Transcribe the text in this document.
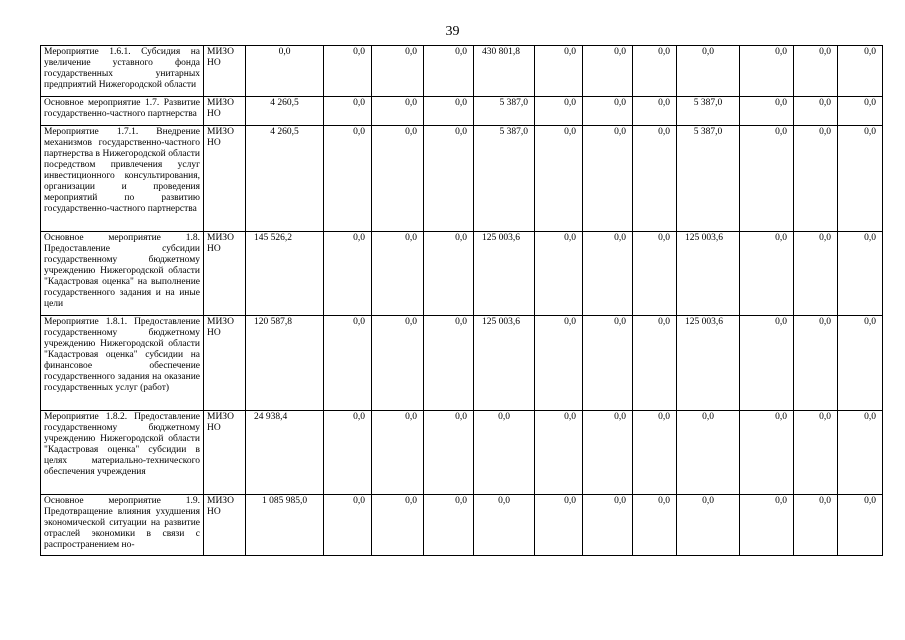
39
Мероприятие 1.6.1. Субсидия на увеличение уставного фонда государственных унитарных предприятий Нижегородской области	МИЗО НО	0,0	0,0	0,0	0,0	430 801,8	0,0	0,0	0,0	0,0	0,0	0,0	0,0
Основное мероприятие 1.7. Развитие государственно-частного партнерства	МИЗО НО	4 260,5	0,0	0,0	0,0	5 387,0	0,0	0,0	0,0	5 387,0	0,0	0,0	0,0
Мероприятие 1.7.1. Внедрение механизмов государственно-частного партнерства в Нижегородской области посредством привлечения услуг инвестиционного консультирования, организации и проведения мероприятий по развитию государственно-частного партнерства	МИЗО НО	4 260,5	0,0	0,0	0,0	5 387,0	0,0	0,0	0,0	5 387,0	0,0	0,0	0,0
Основное мероприятие 1.8. Предоставление субсидии государственному бюджетному учреждению Нижегородской области "Кадастровая оценка" на выполнение государственного задания и на иные цели	МИЗО НО	145 526,2	0,0	0,0	0,0	125 003,6	0,0	0,0	0,0	125 003,6	0,0	0,0	0,0
Мероприятие 1.8.1. Предоставление государственному бюджетному учреждению Нижегородской области "Кадастровая оценка" субсидии на финансовое обеспечение государственного задания на оказание государственных услуг (работ)	МИЗО НО	120 587,8	0,0	0,0	0,0	125 003,6	0,0	0,0	0,0	125 003,6	0,0	0,0	0,0
Мероприятие 1.8.2. Предоставление государственному бюджетному учреждению Нижегородской области "Кадастровая оценка" субсидии в целях материально-технического обеспечения учреждения	МИЗО НО	24 938,4	0,0	0,0	0,0	0,0	0,0	0,0	0,0	0,0	0,0	0,0	0,0
Основное мероприятие 1.9. Предотвращение влияния ухудшения экономической ситуации на развитие отраслей экономики в связи с распространением но-	МИЗО НО	1 085 985,0	0,0	0,0	0,0	0,0	0,0	0,0	0,0	0,0	0,0	0,0	0,0
